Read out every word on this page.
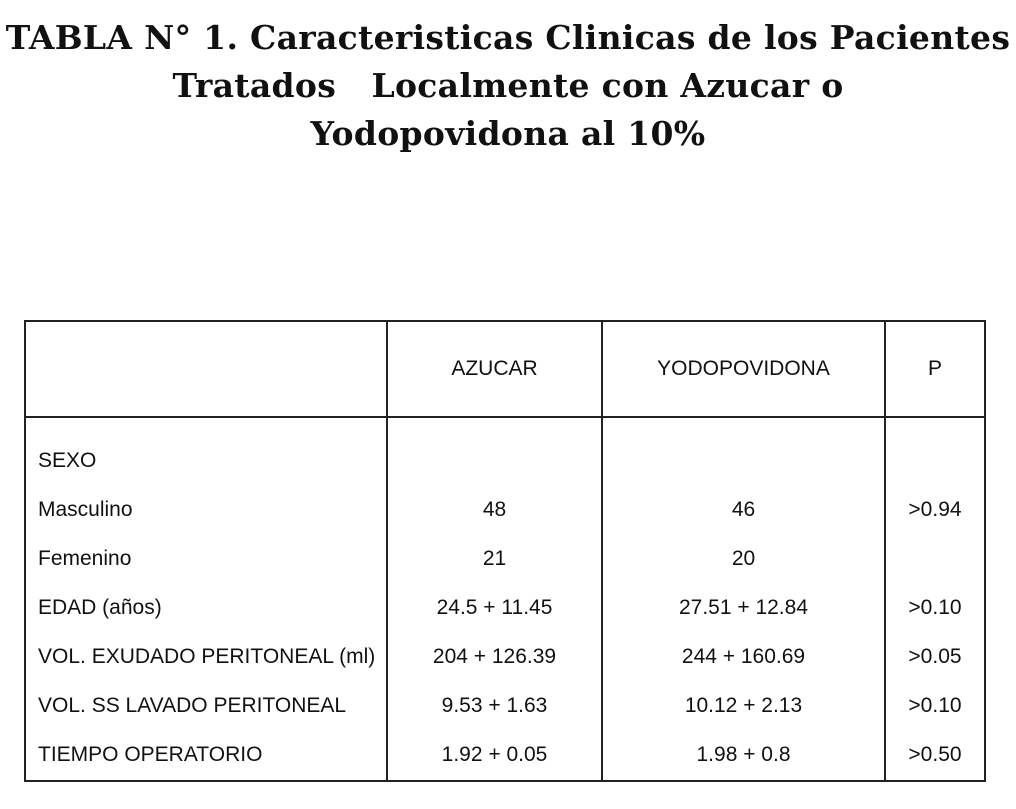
TABLA N° 1. Caracteristicas Clinicas de los Pacientes
Tratados   Localmente con Azucar o
Yodopovidona al 10%
	AZUCAR	YODOPOVIDONA	P
SEXO			
Masculino	48	46	>0.94
Femenino	21	20	
EDAD (años)	24.5 + 11.45	27.51 + 12.84	>0.10
VOL. EXUDADO PERITONEAL (ml)	204 + 126.39	244 + 160.69	>0.05
VOL. SS LAVADO PERITONEAL	9.53 + 1.63	10.12 + 2.13	>0.10
TIEMPO OPERATORIO	1.92 + 0.05	1.98 + 0.8	>0.50
